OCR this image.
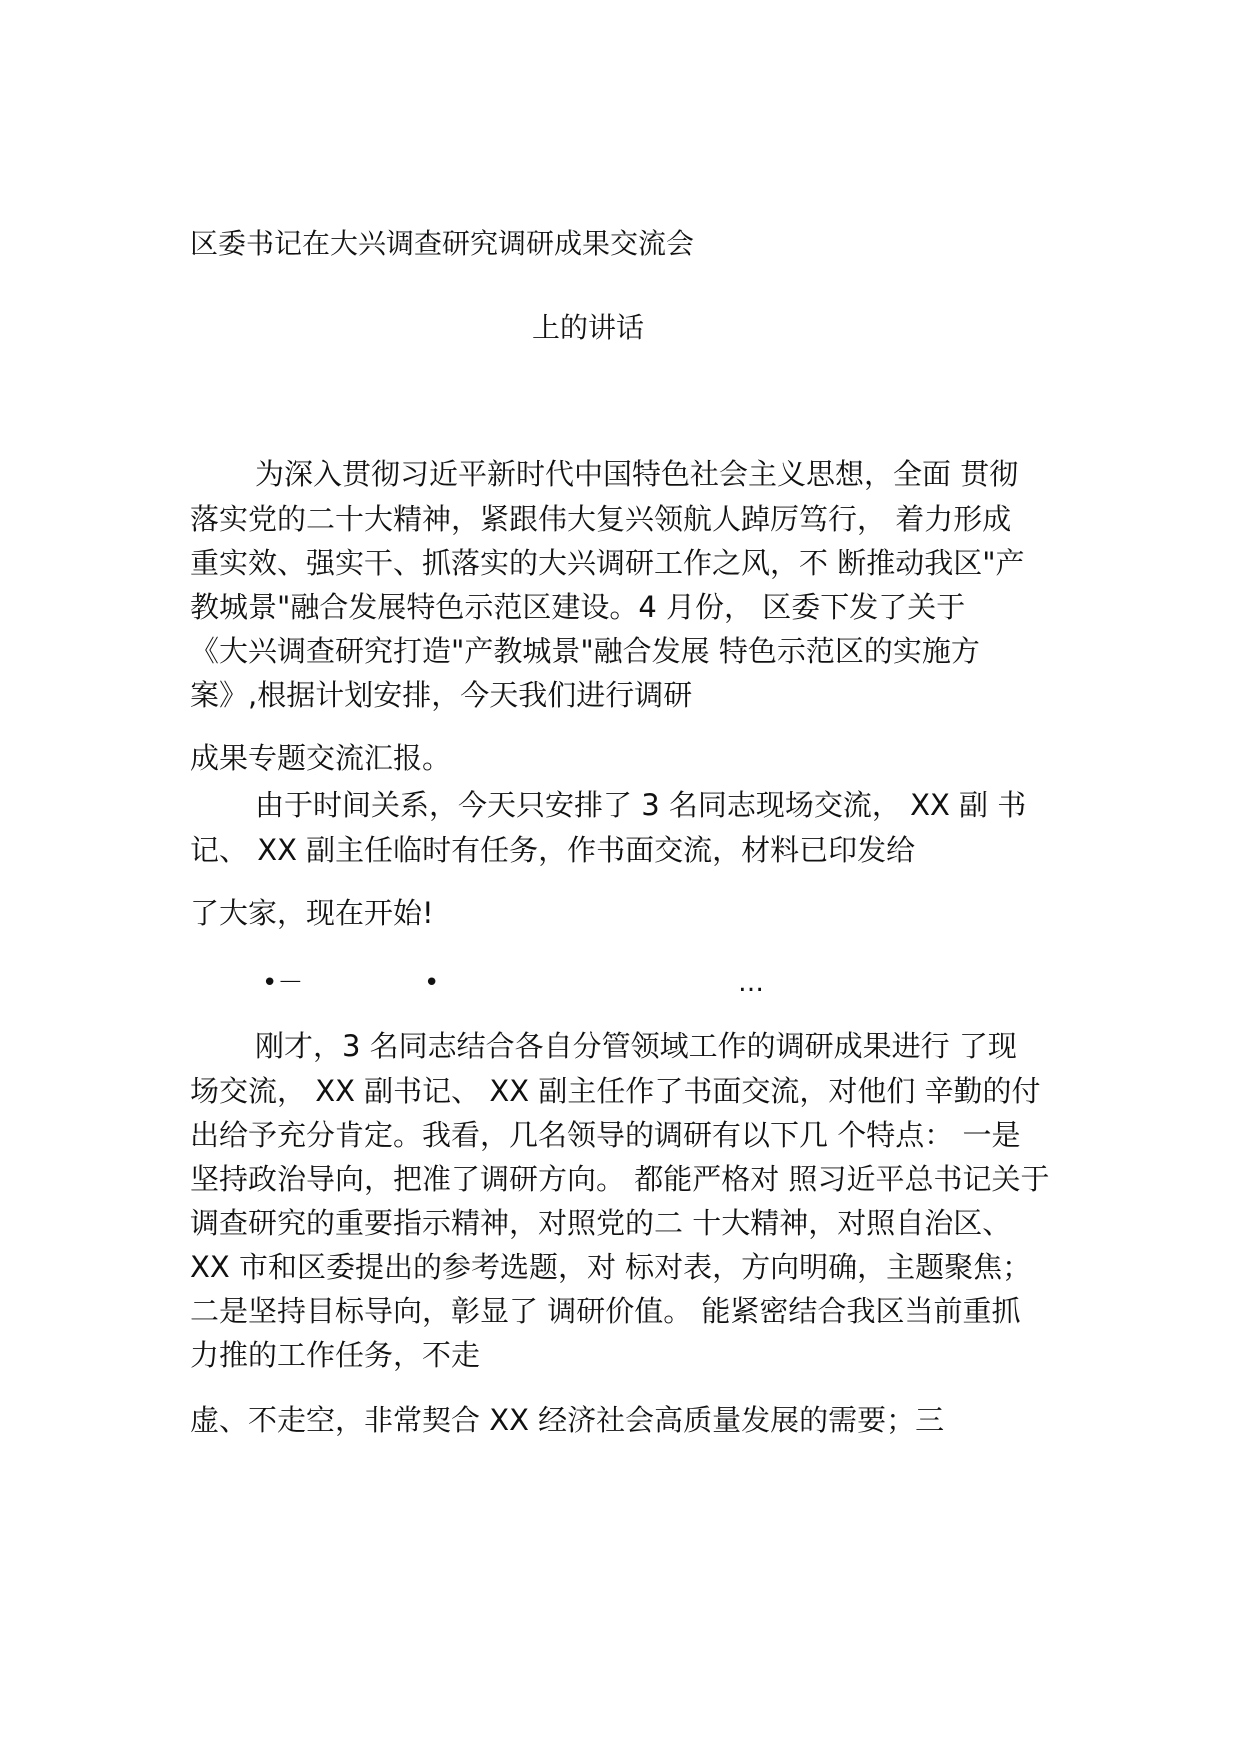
区委书记在大兴调查研究调研成果交流会
上的讲话
为深入贯彻习近平新时代中国特色社会主义思想，全面 贯彻
落实党的二十大精神，紧跟伟大复兴领航人踔厉笃行， 着力形成
重实效、强实干、抓落实的大兴调研工作之风，不 断推动我区"产
教城景"融合发展特色示范区建设。4 月份， 区委下发了关于
《大兴调查研究打造"产教城景"融合发展 特色示范区的实施方
案》,根据计划安排，今天我们进行调研
成果专题交流汇报。
由于时间关系，今天只安排了 3 名同志现场交流， XX 副 书
记、 XX 副主任临时有任务，作书面交流，材料已印发给
了大家，现在开始!
•－	•	…
刚才，3 名同志结合各自分管领域工作的调研成果进行 了现
场交流， XX 副书记、 XX 副主任作了书面交流，对他们 辛勤的付
出给予充分肯定。我看，几名领导的调研有以下几 个特点： 一是
坚持政治导向，把准了调研方向。 都能严格对 照习近平总书记关于
调查研究的重要指示精神，对照党的二 十大精神，对照自治区、
XX 市和区委提出的参考选题，对 标对表，方向明确，主题聚焦；
二是坚持目标导向，彰显了 调研价值。 能紧密结合我区当前重抓
力推的工作任务，不走
虚、不走空，非常契合 XX 经济社会高质量发展的需要；三
